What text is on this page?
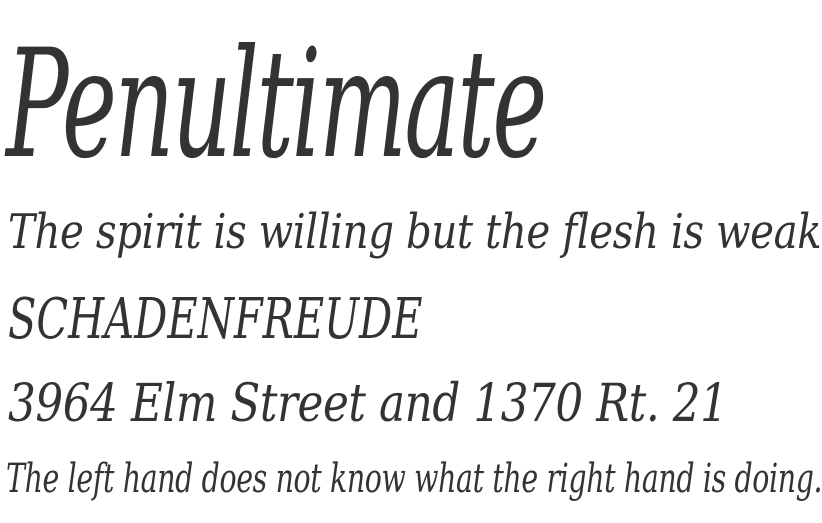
Penultimate

The spirit is willing but the flesh is weak

SCHADENFREUDE

3964 Elm Street and 1370 Rt. 21

The left hand does not know what the right hand is doing.
